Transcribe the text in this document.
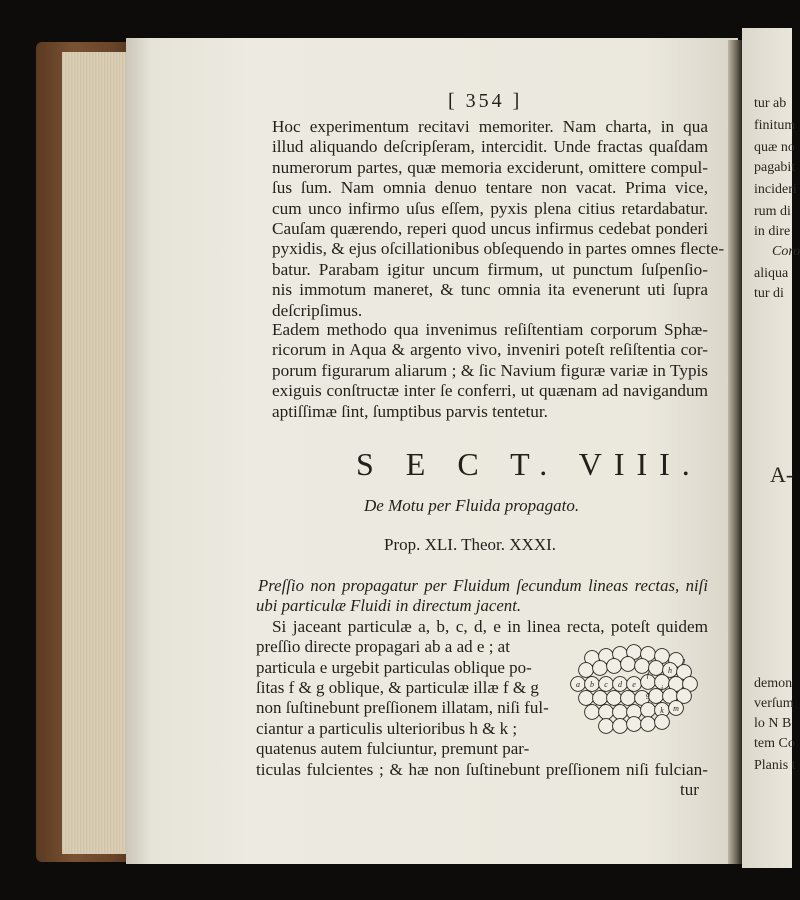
tur ab
finitum
quæ no
pagabit
incideri
rum di
in dire
Coro
aliqua
tur di
A-
demon
verſum
lo N B
tem Co
Planis t
[ 354 ]
Hoc experimentum recitavi memoriter. Nam charta, in qua
illud aliquando deſcripſeram, intercidit. Unde fractas quaſdam
numerorum partes, quæ memoria exciderunt, omittere compul-
ſus ſum. Nam omnia denuo tentare non vacat. Prima vice,
cum unco infirmo uſus eſſem, pyxis plena citius retardabatur.
Cauſam quærendo, reperi quod uncus infirmus cedebat ponderi
pyxidis, & ejus oſcillationibus obſequendo in partes omnes flecte-
batur. Parabam igitur uncum firmum, ut punctum ſuſpenſio-
nis immotum maneret, & tunc omnia ita evenerunt uti ſupra
deſcripſimus.
Eadem methodo qua invenimus reſiſtentiam corporum Sphæ-
ricorum in Aqua & argento vivo, inveniri poteſt reſiſtentia cor-
porum figurarum aliarum ; & ſic Navium figuræ variæ in Typis
exiguis conſtructæ inter ſe conferri, ut quænam ad navigandum
aptiſſimæ ſint, ſumptibus parvis tentetur.
S E C T. VIII.
De Motu per Fluida propagato.
Prop. XLI. Theor. XXXI.
Preſſio non propagatur per Fluidum ſecundum lineas rectas, niſi
ubi particulæ Fluidi in directum jacent.
Si jaceant particulæ a, b, c, d, e in linea recta, poteſt quidem
preſſio directe propagari ab a ad e ; at
particula e urgebit particulas oblique po-
ſitas f & g oblique, & particulæ illæ f & g
non ſuſtinebunt preſſionem illatam, niſi ful-
ciantur a particulis ulterioribus h & k ;
quatenus autem fulciuntur, premunt par-
ticulas fulcientes ; & hæ non ſuſtinebunt preſſionem niſi fulcian-
tur
a b c d e
f
g
h
i
k m
l
